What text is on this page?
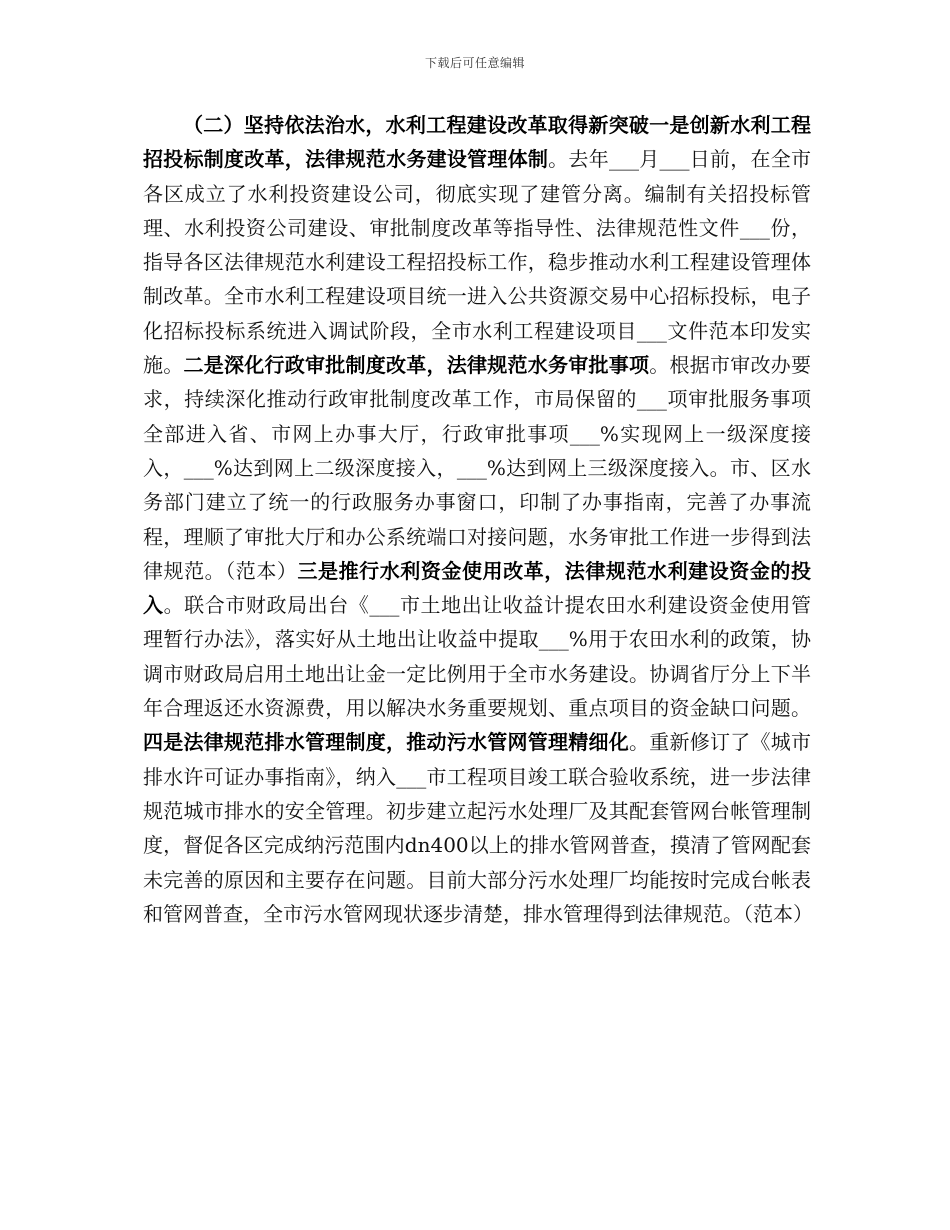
下载后可任意编辑

（二）坚持依法治水，水利工程建设改革取得新突破一是创新水利工程招投标制度改革，法律规范水务建设管理体制。去年___月___日前，在全市各区成立了水利投资建设公司，彻底实现了建管分离。编制有关招投标管理、水利投资公司建设、审批制度改革等指导性、法律规范性文件___份，指导各区法律规范水利建设工程招投标工作，稳步推动水利工程建设管理体制改革。全市水利工程建设项目统一进入公共资源交易中心招标投标，电子化招标投标系统进入调试阶段，全市水利工程建设项目___文件范本印发实施。二是深化行政审批制度改革，法律规范水务审批事项。根据市审改办要求，持续深化推动行政审批制度改革工作，市局保留的___项审批服务事项全部进入省、市网上办事大厅，行政审批事项___%实现网上一级深度接入，___%达到网上二级深度接入，___%达到网上三级深度接入。市、区水务部门建立了统一的行政服务办事窗口，印制了办事指南，完善了办事流程，理顺了审批大厅和办公系统端口对接问题，水务审批工作进一步得到法律规范。（范本）三是推行水利资金使用改革，法律规范水利建设资金的投入。联合市财政局出台《___市土地出让收益计提农田水利建设资金使用管理暂行办法》，落实好从土地出让收益中提取___%用于农田水利的政策，协调市财政局启用土地出让金一定比例用于全市水务建设。协调省厅分上下半年合理返还水资源费，用以解决水务重要规划、重点项目的资金缺口问题。四是法律规范排水管理制度，推动污水管网管理精细化。重新修订了《城市排水许可证办事指南》，纳入___市工程项目竣工联合验收系统，进一步法律规范城市排水的安全管理。初步建立起污水处理厂及其配套管网台帐管理制度，督促各区完成纳污范围内dn400以上的排水管网普查，摸清了管网配套未完善的原因和主要存在问题。目前大部分污水处理厂均能按时完成台帐表和管网普查，全市污水管网现状逐步清楚，排水管理得到法律规范。（范本）
